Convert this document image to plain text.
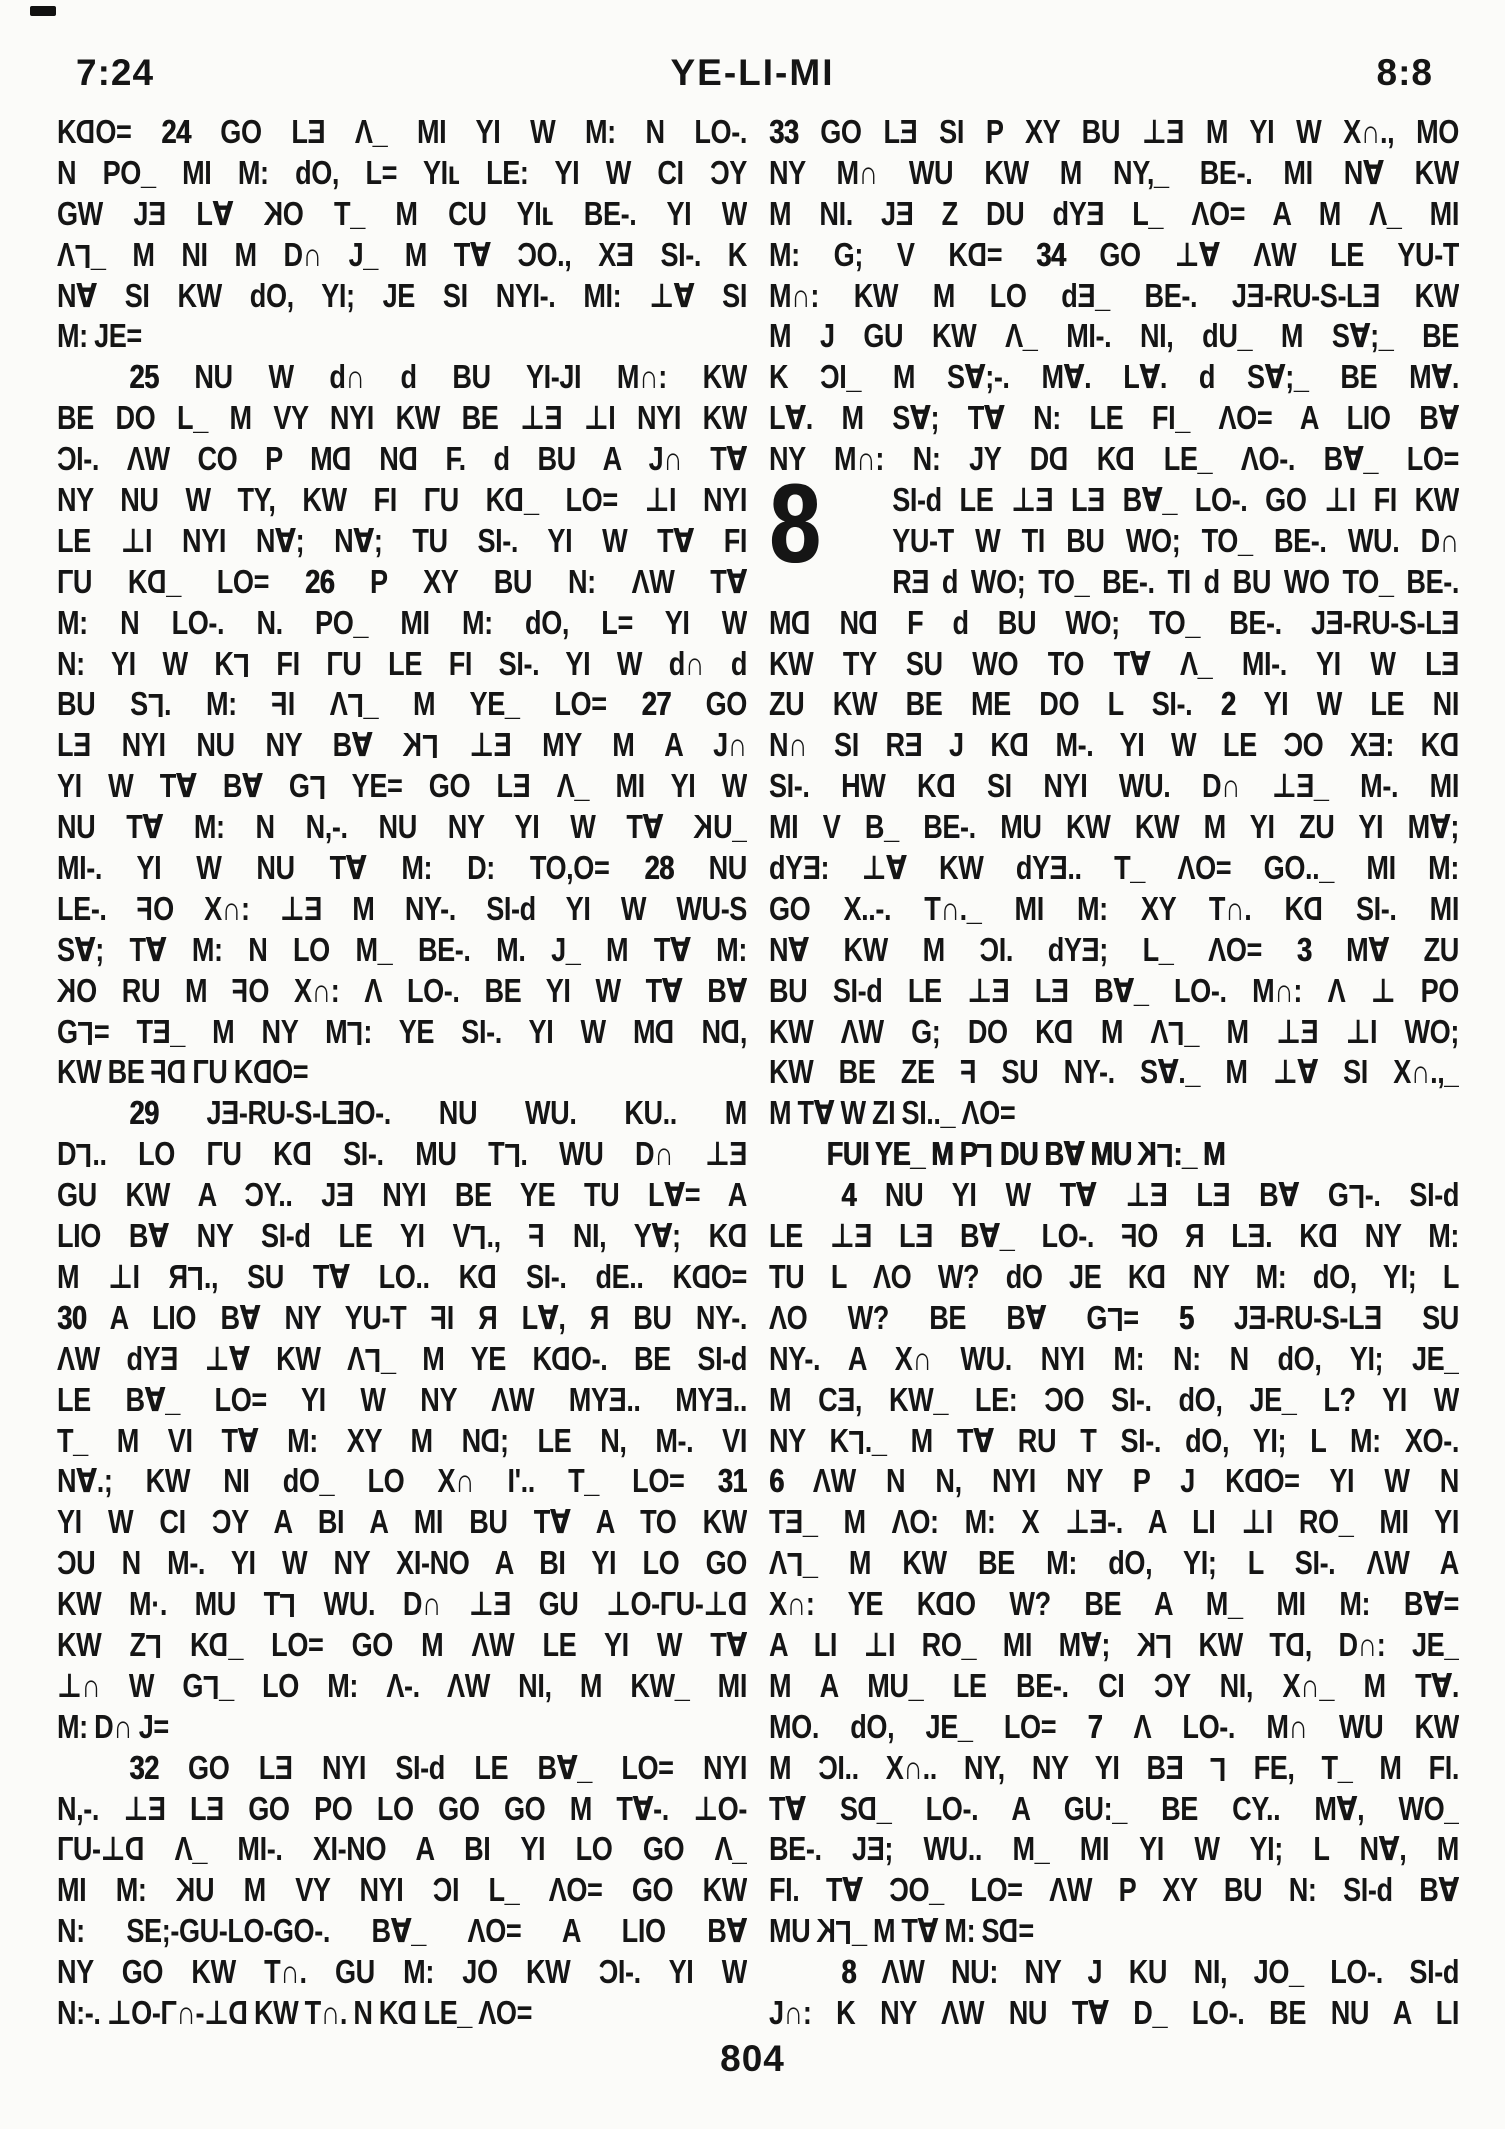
7:24	YE-LI-MI	8:8
KDO= 24 GO LƎ Λ_ MI YI W M: N LO-.
N PO_ MI M: dO, L= YIʟ LE: YI W CI ƆY
GW JƎ L∀ KO T_ M CU YIʟ BE-. YI W
ΛL_ M NI M D∩ J_ M T∀ ƆO., XƎ SI-. K
N∀ SI KW dO, YI; JE SI NYI-. MI: ⊥∀ SI
M: JE=
25 NU W d∩ d BU YI-JI M∩: KW
BE DO L_ M VY NYI KW BE ⊥Ǝ ⊥I NYI KW
ƆI-. ΛW CO P MD ND F. d BU A J∩ T∀
NY NU W TY, KW FI ΓU KD_ LO= ⊥I NYI
LE ⊥I NYI N∀; N∀; TU SI-. YI W T∀ FI
ΓU KD_ LO= 26 P XY BU N: ΛW T∀
M: N LO-. N. PO_ MI M: dO, L= YI W
N: YI W KL FI ΓU LE FI SI-. YI W d∩ d
BU SL. M: FI ΛL_ M YE_ LO= 27 GO
LƎ NYI NU NY B∀ KL ⊥Ǝ MY M A J∩
YI W T∀ B∀ GL YE= GO LƎ Λ_ MI YI W
NU T∀ M: N N,-. NU NY YI W T∀ KU_
MI-. YI W NU T∀ M: D: TO,O= 28 NU
LE-. FO X∩: ⊥Ǝ M NY-. SI-d YI W WU-S
S∀; T∀ M: N LO M_ BE-. M. J_ M T∀ M:
KO RU M FO X∩: Λ LO-. BE YI W T∀ B∀
GL= TƎ_ M NY ML: YE SI-. YI W MD ND,
KW BE FD ΓU KDO=
29 JƎ-RU-S-LƎO-. NU WU. KU.. M
DL.. LO ΓU KD SI-. MU TL. WU D∩ ⊥Ǝ
GU KW A ƆY.. JƎ NYI BE YE TU L∀= A
LIO B∀ NY SI-d LE YI VL., F NI, Y∀; KD
M ⊥I ЯL., SU T∀ LO.. KD SI-. dE.. KDO=
30 A LIO B∀ NY YU-T FI Я L∀, Я BU NY-.
ΛW dYƎ ⊥∀ KW ΛL_ M YE KDO-. BE SI-d
LE B∀_ LO= YI W NY ΛW MYƎ.. MYƎ..
T_ M VI T∀ M: XY M ND; LE N, M-. VI
N∀.; KW NI dO_ LO X∩ I'.. T_ LO= 31
YI W CI ƆY A BI A MI BU T∀ A TO KW
ƆU N M-. YI W NY XI-NO A BI YI LO GO
KW M·. MU TL WU. D∩ ⊥Ǝ GU ⊥O-ΓU-⊥D
KW ZL KD_ LO= GO M ΛW LE YI W T∀
⊥∩ W GL_ LO M: Λ-. ΛW NI, M KW_ MI
M: D∩ J=
32 GO LƎ NYI SI-d LE B∀_ LO= NYI
N,-. ⊥Ǝ LƎ GO PO LO GO GO M T∀-. ⊥O-
ΓU-⊥D Λ_ MI-. XI-NO A BI YI LO GO Λ_
MI M: KU M VY NYI ƆI L_ ΛO= GO KW
N: SE;-GU-LO-GO-. B∀_ ΛO= A LIO B∀
NY GO KW T∩. GU M: JO KW ƆI-. YI W
N:-. ⊥O-Γ∩-⊥D KW T∩. N KD LE_ ΛO=
33 GO LƎ SI P XY BU ⊥Ǝ M YI W X∩., MO
NY M∩ WU KW M NY,_ BE-. MI N∀ KW
M NI. JƎ Z DU dYƎ L_ ΛO= A M Λ_ MI
M: G; V KD= 34 GO ⊥∀ ΛW LE YU-T
M∩: KW M LO dƎ_ BE-. JƎ-RU-S-LƎ KW
M J GU KW Λ_ MI-. NI, dU_ M S∀;_ BE
K ƆI_ M S∀;-. M∀. L∀. d S∀;_ BE M∀.
L∀. M S∀; T∀ N: LE FI_ ΛO= A LIO B∀
NY M∩: N: JY DD KD LE_ ΛO-. B∀_ LO=
8	SI-d LE ⊥Ǝ LƎ B∀_ LO-. GO ⊥I FI KW
YU-T W TI BU WO; TO_ BE-. WU. D∩
RƎ d WO; TO_ BE-. TI d BU WO TO_ BE-.
MD ND F d BU WO; TO_ BE-. JƎ-RU-S-LƎ
KW TY SU WO TO T∀ Λ_ MI-. YI W LƎ
ZU KW BE ME DO L SI-. 2 YI W LE NI
N∩ SI RƎ J KD M-. YI W LE ƆO XƎ: KD
SI-. HW KD SI NYI WU. D∩ ⊥Ǝ_ M-. MI
MI V B_ BE-. MU KW KW M YI ZU YI M∀;
dYƎ: ⊥∀ KW dYƎ.. T_ ΛO= GO.._ MI M:
GO X..-. T∩._ MI M: XY T∩. KD SI-. MI
N∀ KW M ƆI. dYƎ; L_ ΛO= 3 M∀ ZU
BU SI-d LE ⊥Ǝ LƎ B∀_ LO-. M∩: Λ ⊥ PO
KW ΛW G; DO KD M ΛL_ M ⊥Ǝ ⊥I WO;
KW BE ZE F SU NY-. S∀._ M ⊥∀ SI X∩.,_
M T∀ W ZI SI.._ ΛO=
FUI YE_ M PL DU B∀ MU KL:_ M
4 NU YI W T∀ ⊥Ǝ LƎ B∀ GL-. SI-d
LE ⊥Ǝ LƎ B∀_ LO-. FO Я LƎ. KD NY M:
TU L ΛO W? dO JE KD NY M: dO, YI; L
ΛO W? BE B∀ GL= 5 JƎ-RU-S-LƎ SU
NY-. A X∩ WU. NYI M: N: N dO, YI; JE_
M CƎ, KW_ LE: ƆO SI-. dO, JE_ L? YI W
NY KL._ M T∀ RU T SI-. dO, YI; L M: XO-.
6 ΛW N N, NYI NY P J KDO= YI W N
TƎ_ M ΛO: M: X ⊥Ǝ-. A LI ⊥I RO_ MI YI
ΛL_ M KW BE M: dO, YI; L SI-. ΛW A
X∩: YE KDO W? BE A M_ MI M: B∀=
A LI ⊥I RO_ MI M∀; KL KW TD, D∩: JE_
M A MU_ LE BE-. CI ƆY NI, X∩_ M T∀.
MO. dO, JE_ LO= 7 Λ LO-. M∩ WU KW
M ƆI.. X∩.. NY, NY YI BƎ L FE, T_ M FI.
T∀ SD_ LO-. A GU:_ BE CY.. M∀, WO_
BE-. JƎ; WU.. M_ MI YI W YI; L N∀, M
FI. T∀ ƆO_ LO= ΛW P XY BU N: SI-d B∀
MU KL_ M T∀ M: SD=
8 ΛW NU: NY J KU NI, JO_ LO-. SI-d
J∩: K NY ΛW NU T∀ D_ LO-. BE NU A LI
804
